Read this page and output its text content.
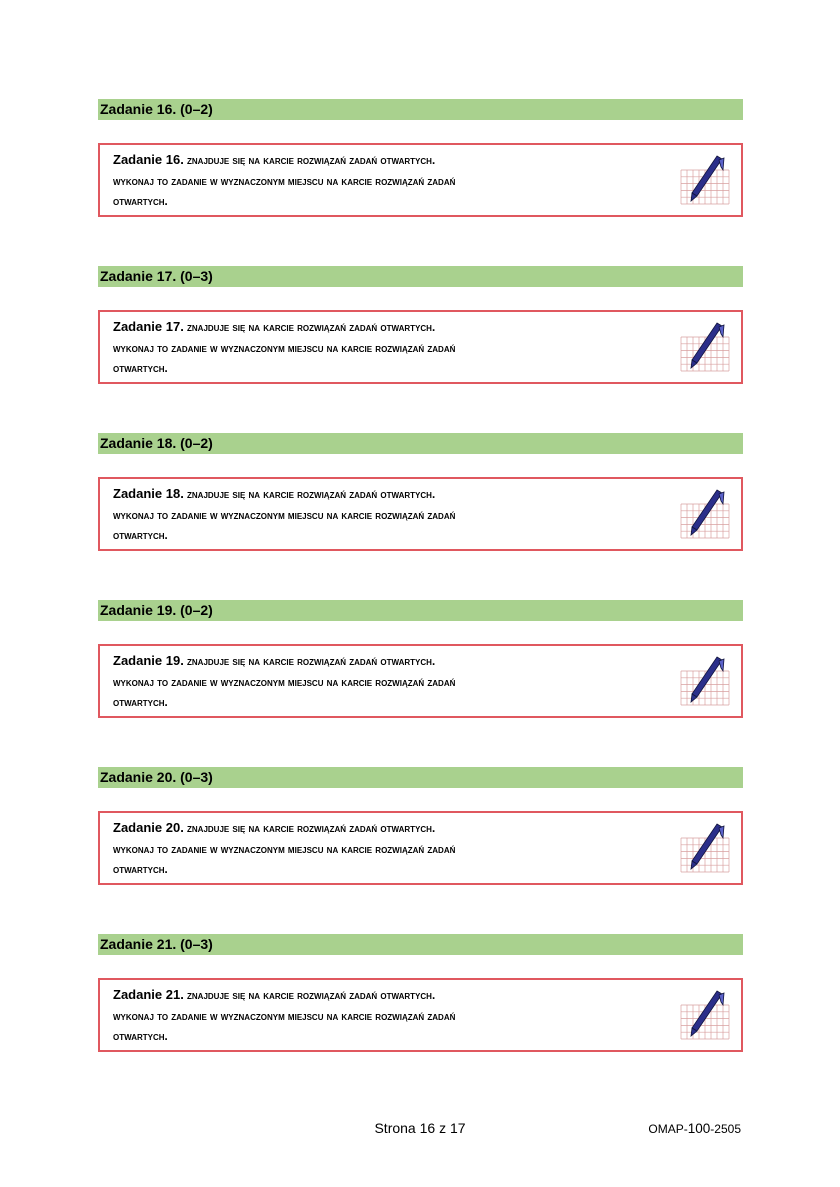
Zadanie 16. (0–2)
Zadanie 16. znajduje się na karcie rozwiązań zadań otwartych.
wykonaj to zadanie w wyznaczonym miejscu na karcie rozwiązań zadań
otwartych.
Zadanie 17. (0–3)
Zadanie 17. znajduje się na karcie rozwiązań zadań otwartych.
wykonaj to zadanie w wyznaczonym miejscu na karcie rozwiązań zadań
otwartych.
Zadanie 18. (0–2)
Zadanie 18. znajduje się na karcie rozwiązań zadań otwartych.
wykonaj to zadanie w wyznaczonym miejscu na karcie rozwiązań zadań
otwartych.
Zadanie 19. (0–2)
Zadanie 19. znajduje się na karcie rozwiązań zadań otwartych.
wykonaj to zadanie w wyznaczonym miejscu na karcie rozwiązań zadań
otwartych.
Zadanie 20. (0–3)
Zadanie 20. znajduje się na karcie rozwiązań zadań otwartych.
wykonaj to zadanie w wyznaczonym miejscu na karcie rozwiązań zadań
otwartych.
Zadanie 21. (0–3)
Zadanie 21. znajduje się na karcie rozwiązań zadań otwartych.
wykonaj to zadanie w wyznaczonym miejscu na karcie rozwiązań zadań
otwartych.
Strona 16 z 17	OMAP-100-2505
